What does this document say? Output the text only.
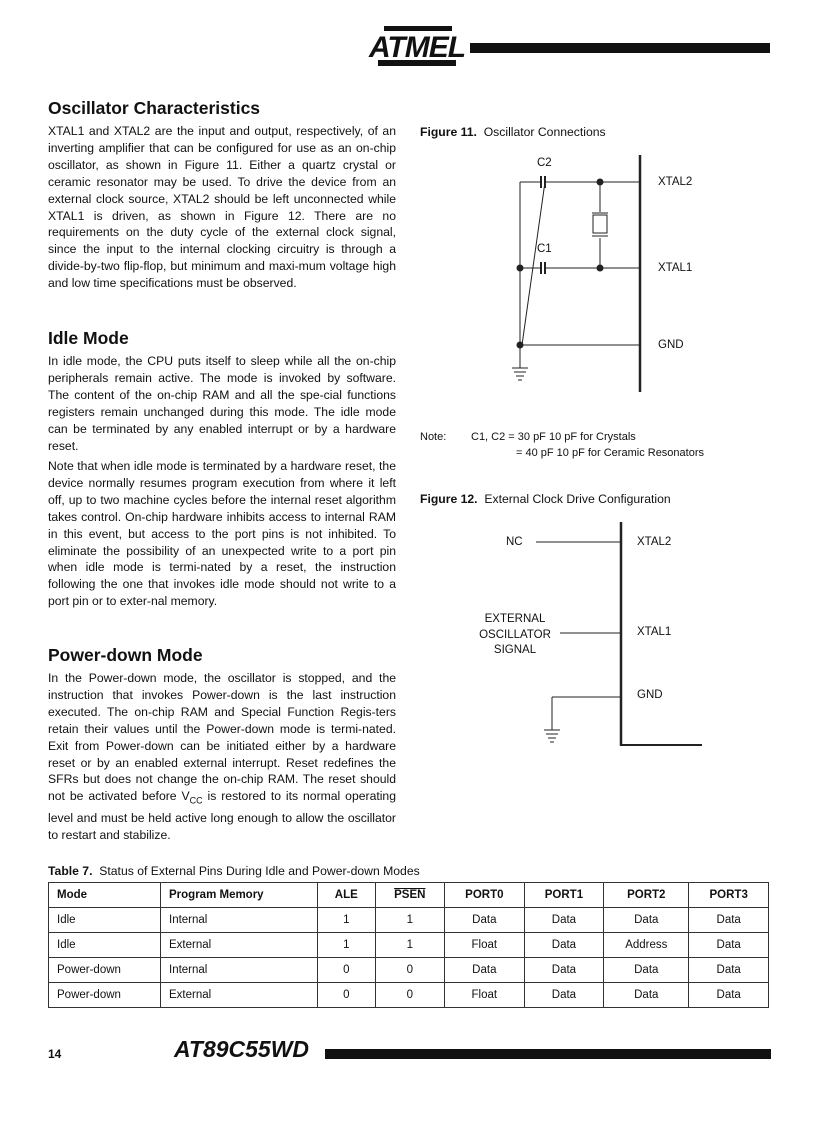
ATMEL
Oscillator Characteristics

XTAL1 and XTAL2 are the input and output, respectively, of an inverting amplifier that can be configured for use as an on-chip oscillator, as shown in Figure 11. Either a quartz crystal or ceramic resonator may be used. To drive the device from an external clock source, XTAL2 should be left unconnected while XTAL1 is driven, as shown in Figure 12. There are no requirements on the duty cycle of the external clock signal, since the input to the internal clocking circuitry is through a divide-by-two flip-flop, but minimum and maxi-mum voltage high and low time specifications must be observed.

Idle Mode

In idle mode, the CPU puts itself to sleep while all the on-chip peripherals remain active. The mode is invoked by software. The content of the on-chip RAM and all the spe-cial functions registers remain unchanged during this mode. The idle mode can be terminated by any enabled interrupt or by a hardware reset.

Note that when idle mode is terminated by a hardware reset, the device normally resumes program execution from where it left off, up to two machine cycles before the internal reset algorithm takes control. On-chip hardware inhibits access to internal RAM in this event, but access to the port pins is not inhibited. To eliminate the possibility of an unexpected write to a port pin when idle mode is termi-nated by a reset, the instruction following the one that invokes idle mode should not write to a port pin or to exter-nal memory.

Power-down Mode

In the Power-down mode, the oscillator is stopped, and the instruction that invokes Power-down is the last instruction executed. The on-chip RAM and Special Function Regis-ters retain their values until the Power-down mode is termi-nated. Exit from Power-down can be initiated either by a hardware reset or by an enabled external interrupt. Reset redefines the SFRs but does not change the on-chip RAM. The reset should not be activated before $V_{CC}$ is restored to its normal operating level and must be held active long enough to allow the oscillator to restart and stabilize.

Figure 11. Oscillator Connections
C2
C1
XTAL2
XTAL1
GND
Note: C1, C2 = 30 pF 10 pF for Crystals
= 40 pF 10 pF for Ceramic Resonators
Figure 12. External Clock Drive Configuration
NC
EXTERNAL
OSCILLATOR
SIGNAL
XTAL2
XTAL1
GND
Table 7. Status of External Pins During Idle and Power-down Modes
Mode	Program Memory	ALE	PSEN	PORT0	PORT1	PORT2	PORT3
Idle	Internal	1	1	Data	Data	Data	Data
Idle	External	1	1	Float	Data	Address	Data
Power-down	Internal	0	0	Data	Data	Data	Data
Power-down	External	0	0	Float	Data	Data	Data
14	AT89C55WD
